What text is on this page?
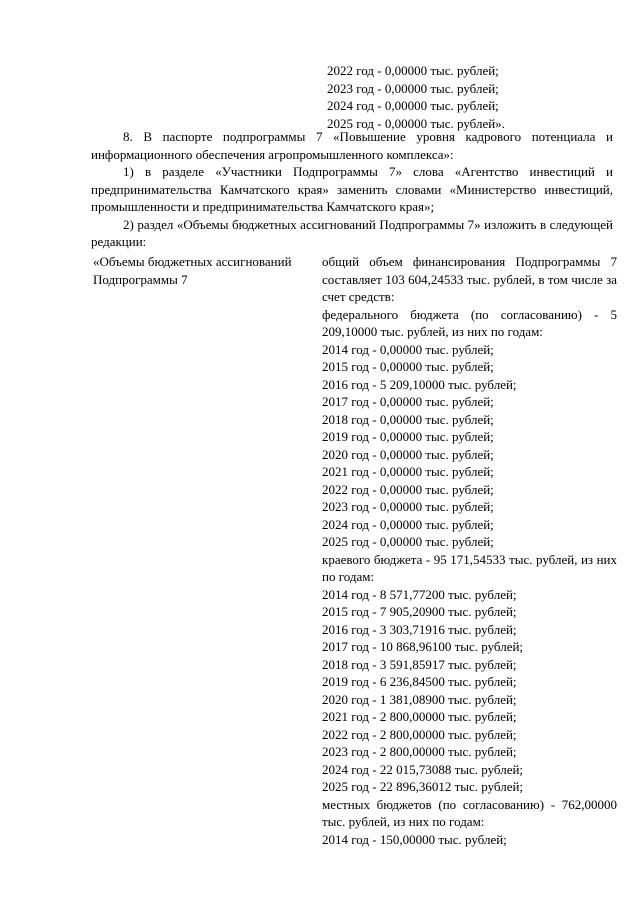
2022 год - 0,00000 тыс. рублей;
2023 год - 0,00000 тыс. рублей;
2024 год - 0,00000 тыс. рублей;
2025 год - 0,00000 тыс. рублей».

8. В паспорте подпрограммы 7 «Повышение уровня кадрового потенциала и информационного обеспечения агропромышленного комплекса»:

1) в разделе «Участники Подпрограммы 7» слова «Агентство инвестиций и предпринимательства Камчатского края» заменить словами «Министерство инвестиций, промышленности и предпринимательства Камчатского края»;

2) раздел «Объемы бюджетных ассигнований Подпрограммы 7» изложить в следующей редакции:

«Объемы бюджетных ассигнований Подпрограммы 7
общий объем финансирования Подпрограммы 7 составляет 103 604,24533 тыс. рублей, в том числе за счет средств:
федерального бюджета (по согласованию) - 5 209,10000 тыс. рублей, из них по годам:
2014 год - 0,00000 тыс. рублей;
2015 год - 0,00000 тыс. рублей;
2016 год - 5 209,10000 тыс. рублей;
2017 год - 0,00000 тыс. рублей;
2018 год - 0,00000 тыс. рублей;
2019 год - 0,00000 тыс. рублей;
2020 год - 0,00000 тыс. рублей;
2021 год - 0,00000 тыс. рублей;
2022 год - 0,00000 тыс. рублей;
2023 год - 0,00000 тыс. рублей;
2024 год - 0,00000 тыс. рублей;
2025 год - 0,00000 тыс. рублей;
краевого бюджета - 95 171,54533 тыс. рублей, из них по годам:
2014 год - 8 571,77200 тыс. рублей;
2015 год - 7 905,20900 тыс. рублей;
2016 год - 3 303,71916 тыс. рублей;
2017 год - 10 868,96100 тыс. рублей;
2018 год - 3 591,85917 тыс. рублей;
2019 год - 6 236,84500 тыс. рублей;
2020 год - 1 381,08900 тыс. рублей;
2021 год - 2 800,00000 тыс. рублей;
2022 год - 2 800,00000 тыс. рублей;
2023 год - 2 800,00000 тыс. рублей;
2024 год - 22 015,73088 тыс. рублей;
2025 год - 22 896,36012 тыс. рублей;
местных бюджетов (по согласованию) - 762,00000 тыс. рублей, из них по годам:
2014 год - 150,00000 тыс. рублей;
